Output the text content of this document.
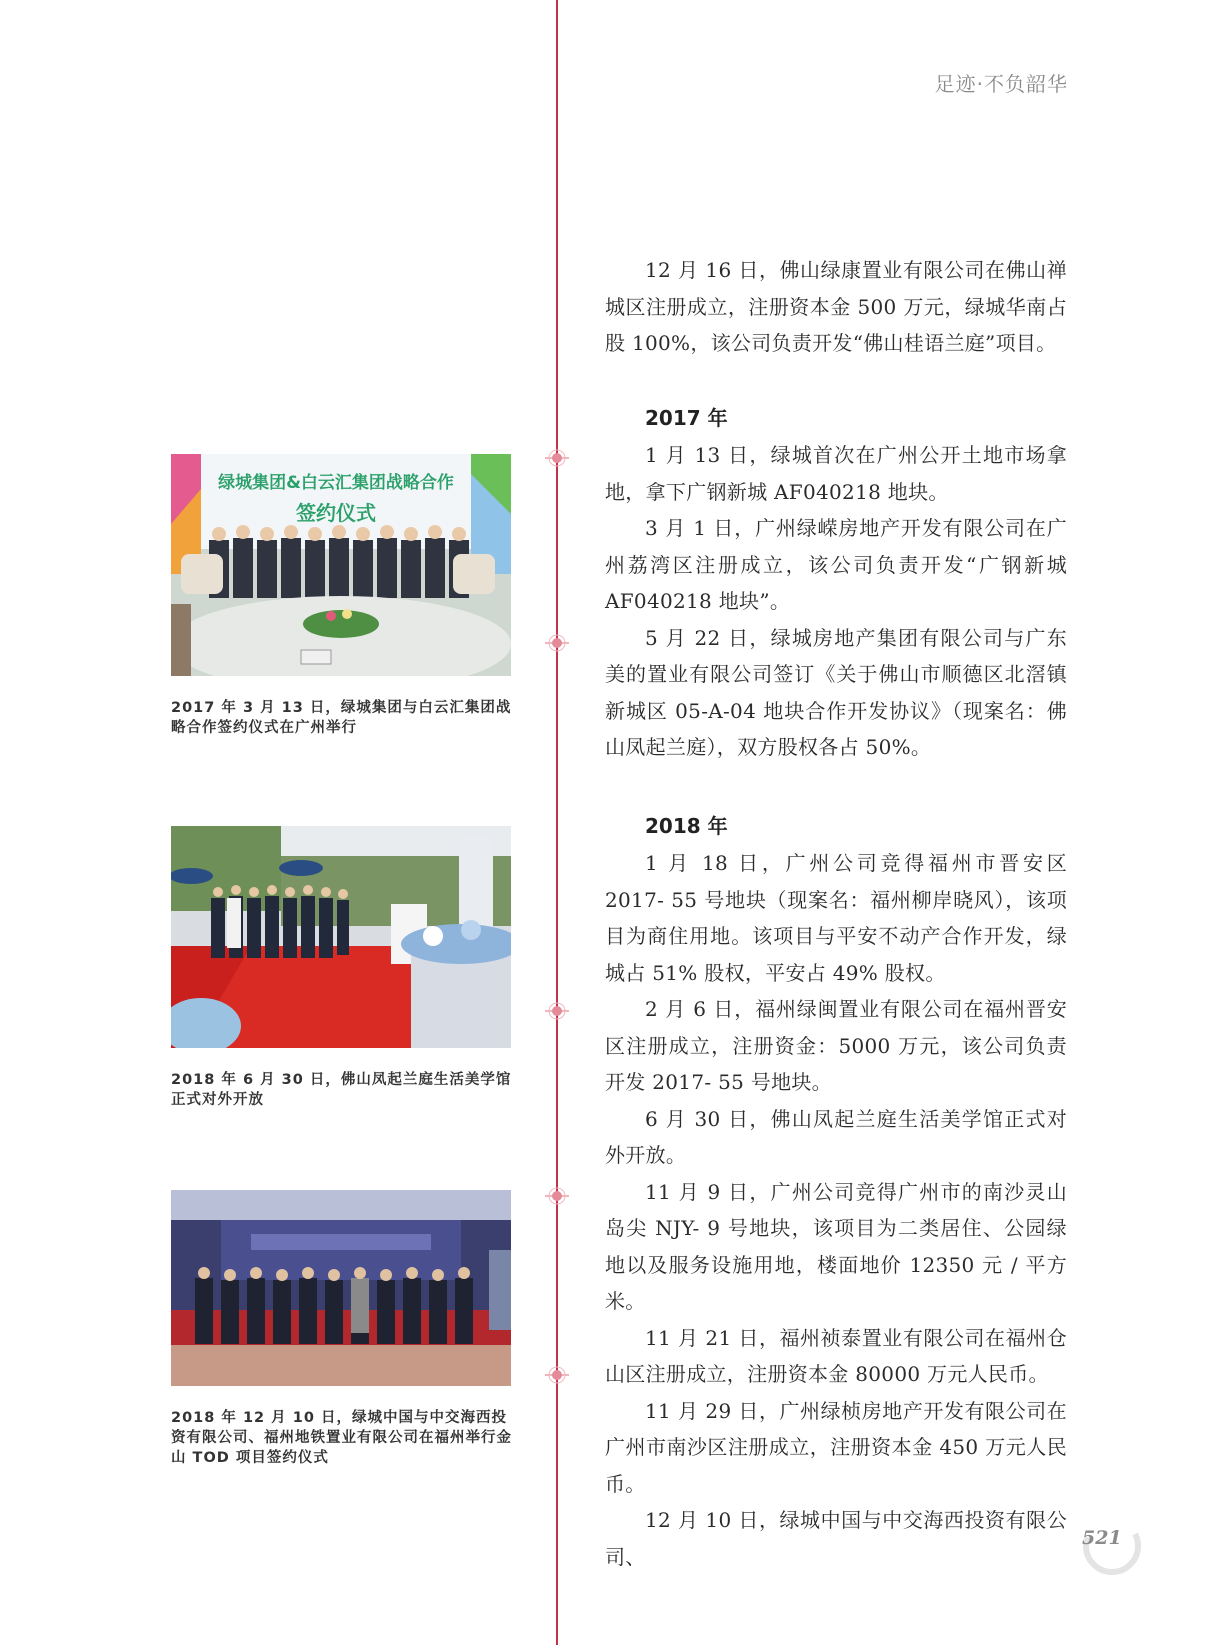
足迹·不负韶华

12 月 16 日，佛山绿康置业有限公司在佛山禅城区注册成立，注册资本金 500 万元，绿城华南占股 100%，该公司负责开发“佛山桂语兰庭”项目。

2017 年

1 月 13 日，绿城首次在广州公开土地市场拿地，拿下广钢新城 AF040218 地块。

3 月 1 日，广州绿嵘房地产开发有限公司在广州荔湾区注册成立，该公司负责开发“广钢新城 AF040218 地块”。

5 月 22 日，绿城房地产集团有限公司与广东美的置业有限公司签订《关于佛山市顺德区北滘镇新城区 05-A-04 地块合作开发协议》（现案名：佛山凤起兰庭），双方股权各占 50%。

2018 年

1 月 18 日，广州公司竞得福州市晋安区 2017- 55 号地块（现案名：福州柳岸晓风），该项目为商住用地。该项目与平安不动产合作开发，绿城占 51% 股权，平安占 49% 股权。

2 月 6 日，福州绿闽置业有限公司在福州晋安区注册成立，注册资金：5000 万元，该公司负责开发 2017- 55 号地块。

6 月 30 日，佛山凤起兰庭生活美学馆正式对外开放。

11 月 9 日，广州公司竞得广州市的南沙灵山岛尖 NJY- 9 号地块，该项目为二类居住、公园绿地以及服务设施用地，楼面地价 12350 元 / 平方米。

11 月 21 日，福州祯泰置业有限公司在福州仓山区注册成立，注册资本金 80000 万元人民币。

11 月 29 日，广州绿桢房地产开发有限公司在广州市南沙区注册成立，注册资本金 450 万元人民币。

12 月 10 日，绿城中国与中交海西投资有限公司、

绿城集团&白云汇集团战略合作
签约仪式
2017 年 3 月 13 日，绿城集团与白云汇集团战略合作签约仪式在广州举行
2018 年 6 月 30 日，佛山凤起兰庭生活美学馆正式对外开放
2018 年 12 月 10 日，绿城中国与中交海西投资有限公司、福州地铁置业有限公司在福州举行金山 TOD 项目签约仪式
521
